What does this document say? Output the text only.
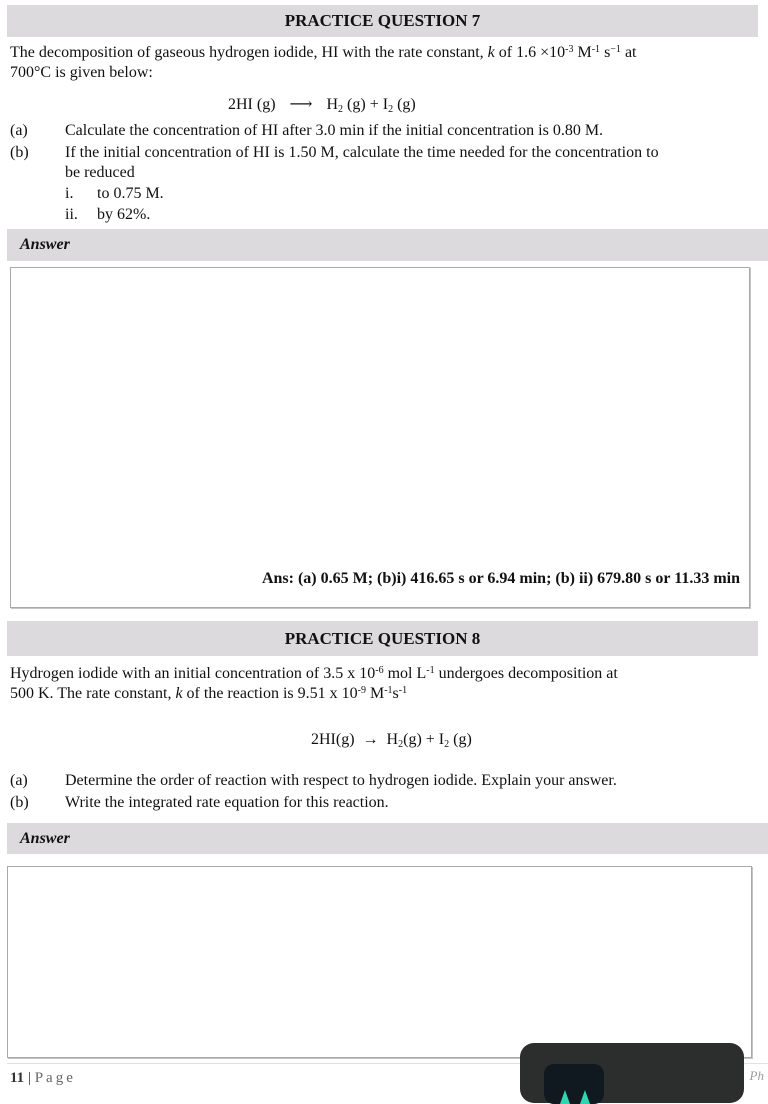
PRACTICE QUESTION 7
The decomposition of gaseous hydrogen iodide, HI with the rate constant, k of $1.6 \times 10^{-3}$ $M^{-1}$ $s^{-1}$ at
700°C is given below:
2HI (g) ⟶ $H_2$ $(g) + I_2$ (g)
(a) Calculate the concentration of HI after 3.0 min if the initial concentration is 0.80 M.
(b) If the initial concentration of HI is 1.50 M, calculate the time needed for the concentration to
be reduced
i. to 0.75 M.
ii. by 62%.
Answer
Ans: (a) 0.65 M; (b)i) 416.65 s or 6.94 min; (b) ii) 679.80 s or 11.33 min
PRACTICE QUESTION 8
Hydrogen iodide with an initial concentration of 3.5 x $10^{-6}$ mol $L^{-1}$ undergoes decomposition at
500 K. The rate constant, k of the reaction is 9.51 x $10^{-9}$ $M^{-1}s^{-1}$
$2HI(g) \to H_2(g) + I_2$ (g)
(a) Determine the order of reaction with respect to hydrogen iodide. Explain your answer.
(b) Write the integrated rate equation for this reaction.
Answer
11 | Page	Ph
